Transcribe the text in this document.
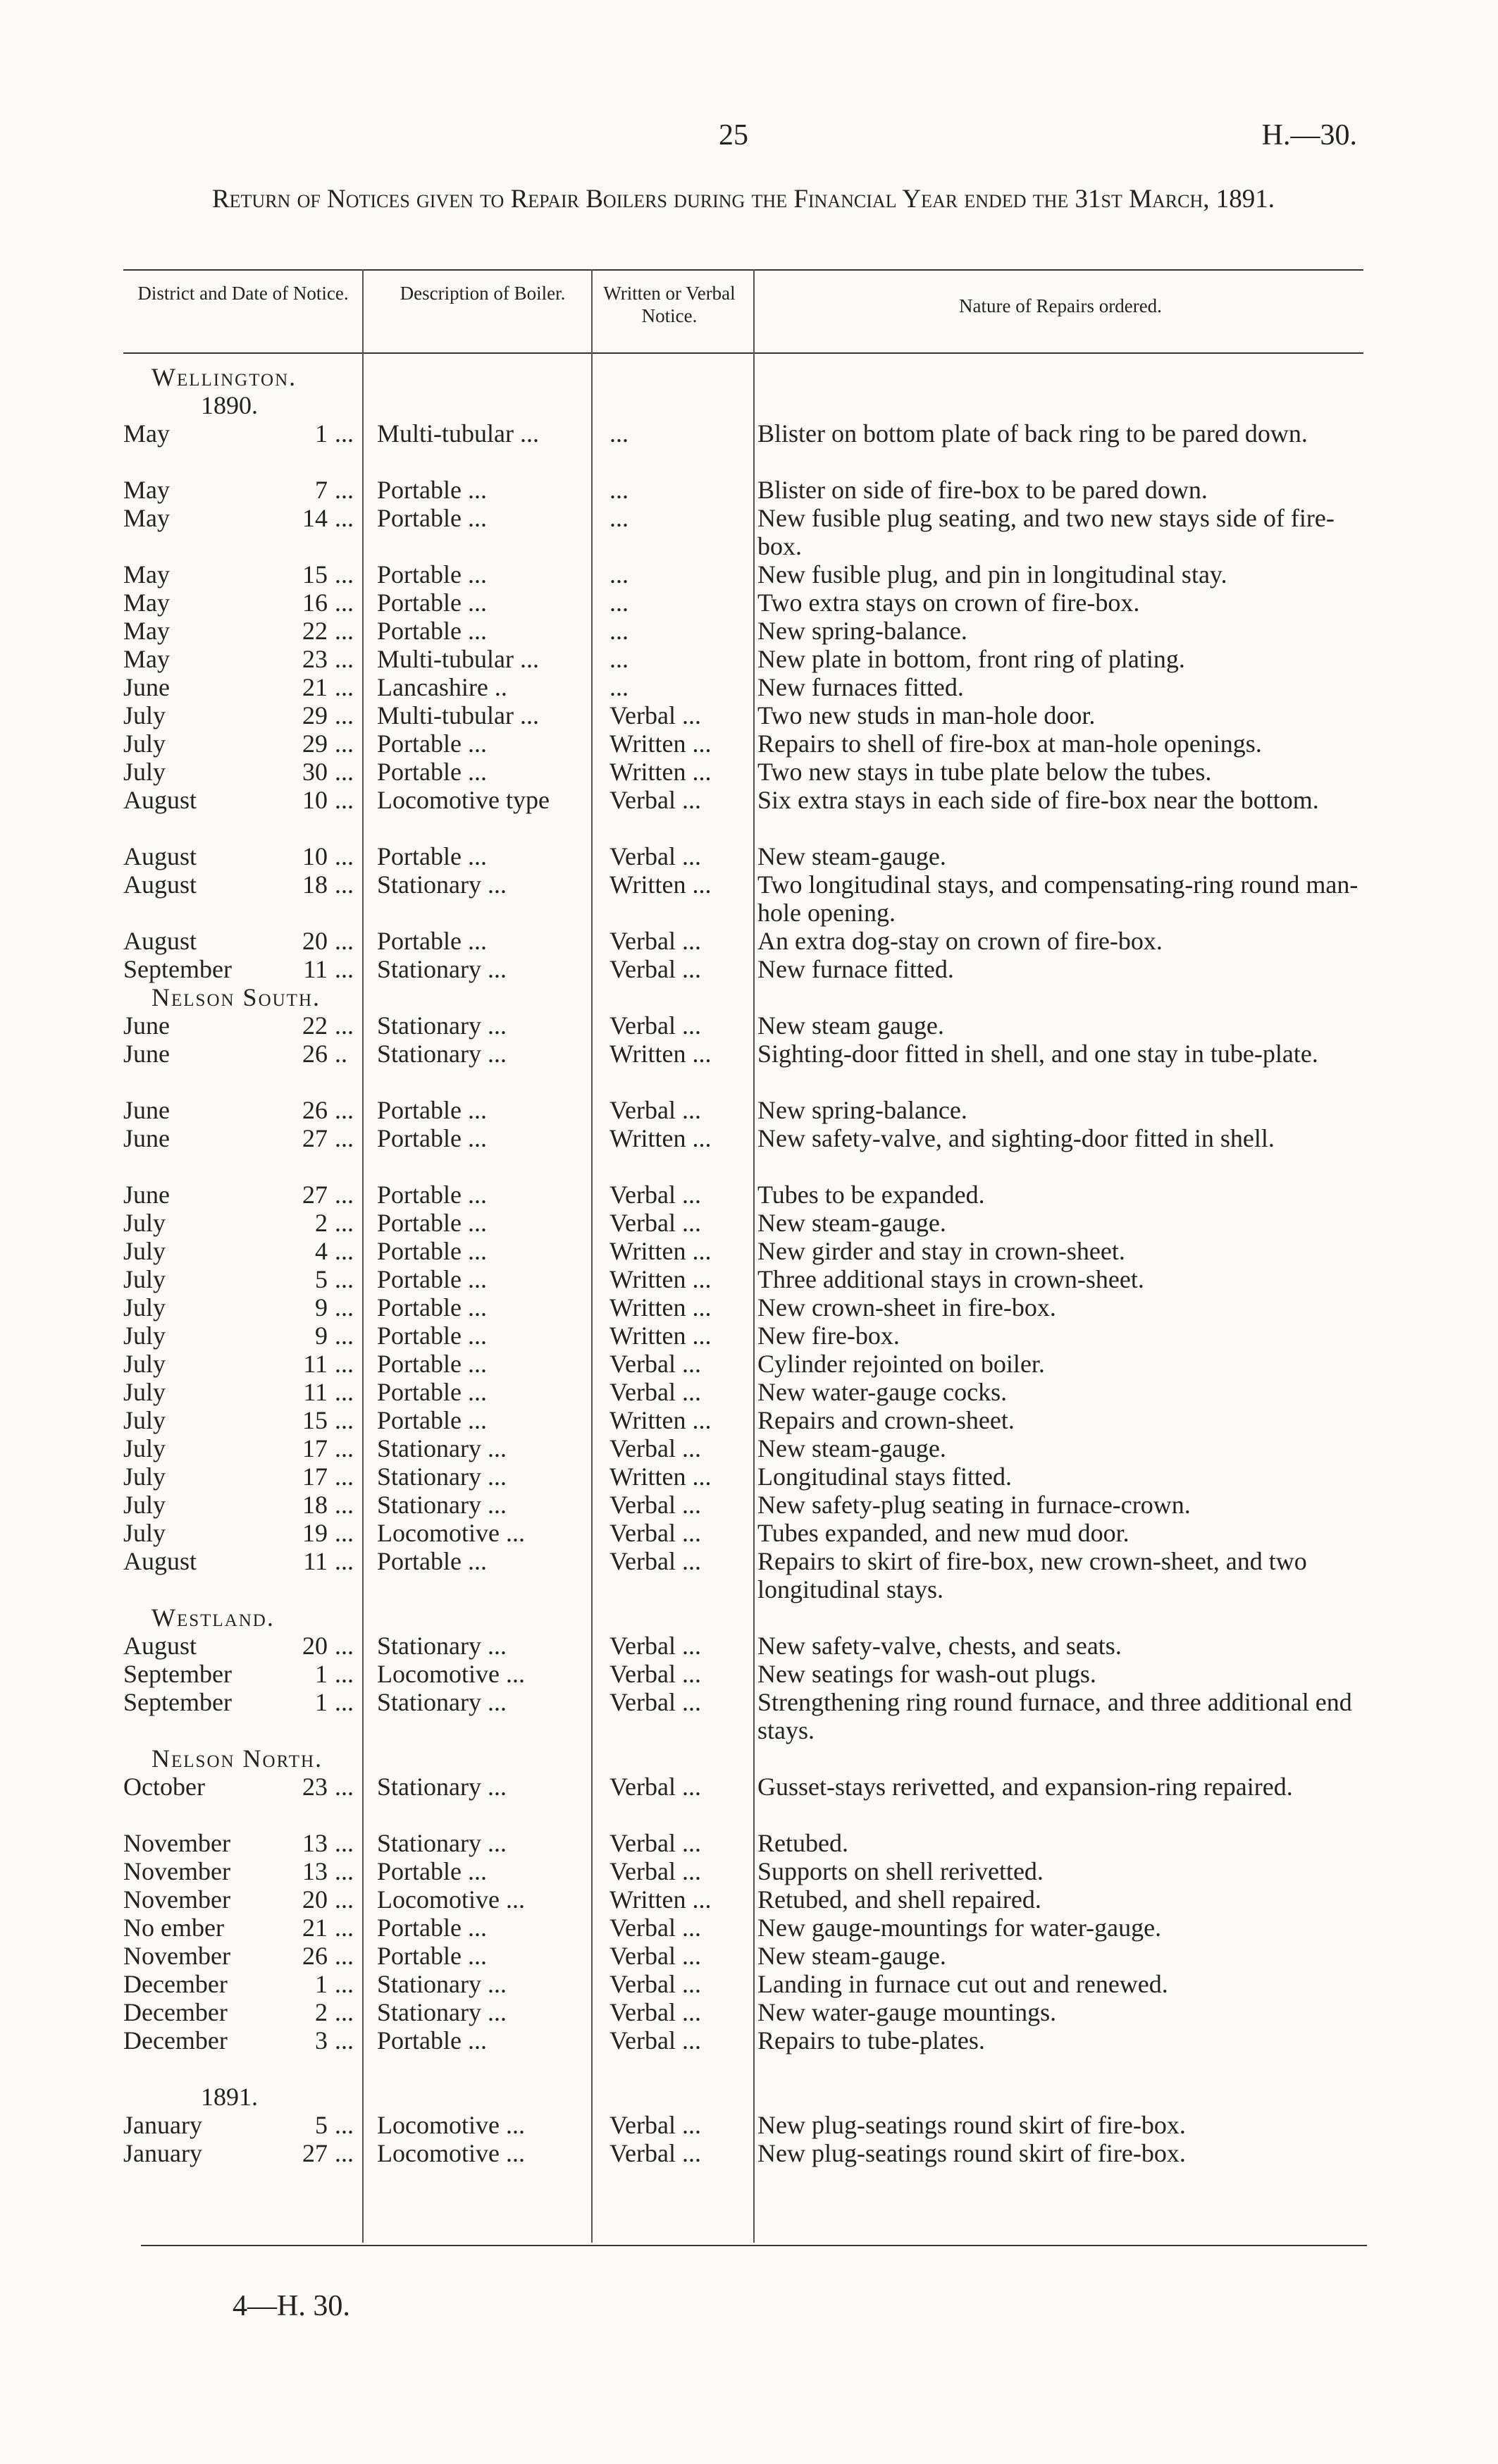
25	H.—30.
Return of Notices given to Repair Boilers during the Financial Year ended the 31st March, 1891.
District and Date of Notice.	Description of Boiler.	Written or Verbal Notice.	Nature of Repairs ordered.
Wellington.
1890.
May	1 ... Multi-tubular ...	...	Blister on bottom plate of back ring to be pared down.
May	7 ... Portable ...	...	Blister on side of fire-box to be pared down.
May	14 ... Portable ...	...	New fusible plug seating, and two new stays side of fire-box.
May	15 ... Portable ...	...	New fusible plug, and pin in longitudinal stay.
May	16 ... Portable ...	...	Two extra stays on crown of fire-box.
May	22 ... Portable ...	...	New spring-balance.
May	23 ... Multi-tubular ...	...	New plate in bottom, front ring of plating.
June	21 ... Lancashire ..	...	New furnaces fitted.
July	29 ... Multi-tubular ...	Verbal ...	Two new studs in man-hole door.
July	29 ... Portable ...	Written ...	Repairs to shell of fire-box at man-hole openings.
July	30 ... Portable ...	Written ...	Two new stays in tube plate below the tubes.
August	10 ... Locomotive type	Verbal ...	Six extra stays in each side of fire-box near the bottom.
August	10 ... Portable ...	Verbal ...	New steam-gauge.
August	18 ... Stationary ...	Written ...	Two longitudinal stays, and compensating-ring round man-hole opening.
August	20 ... Portable ...	Verbal ...	An extra dog-stay on crown of fire-box.
September	11 ... Stationary ...	Verbal ...	New furnace fitted.
Nelson South.
June	22 ... Stationary ...	Verbal ...	New steam gauge.
June	26 .. Stationary ...	Written ...	Sighting-door fitted in shell, and one stay in tube-plate.
June	26 ... Portable ...	Verbal ...	New spring-balance.
June	27 ... Portable ...	Written ...	New safety-valve, and sighting-door fitted in shell.
June	27 ... Portable ...	Verbal ...	Tubes to be expanded.
July	2 ... Portable ...	Verbal ...	New steam-gauge.
July	4 ... Portable ...	Written ...	New girder and stay in crown-sheet.
July	5 ... Portable ...	Written ...	Three additional stays in crown-sheet.
July	9 ... Portable ...	Written ...	New crown-sheet in fire-box.
July	9 ... Portable ...	Written ...	New fire-box.
July	11 ... Portable ...	Verbal ...	Cylinder rejointed on boiler.
July	11 ... Portable ...	Verbal ...	New water-gauge cocks.
July	15 ... Portable ...	Written ...	Repairs and crown-sheet.
July	17 ... Stationary ...	Verbal ...	New steam-gauge.
July	17 ... Stationary ...	Written ...	Longitudinal stays fitted.
July	18 ... Stationary ...	Verbal ...	New safety-plug seating in furnace-crown.
July	19 ... Locomotive ...	Verbal ...	Tubes expanded, and new mud door.
August	11 ... Portable ...	Verbal ...	Repairs to skirt of fire-box, new crown-sheet, and two longitudinal stays.
Westland.
August	20 ... Stationary ...	Verbal ...	New safety-valve, chests, and seats.
September	1 ... Locomotive ...	Verbal ...	New seatings for wash-out plugs.
September	1 ... Stationary ...	Verbal ...	Strengthening ring round furnace, and three additional end stays.
Nelson North.
October	23 ... Stationary ...	Verbal ...	Gusset-stays rerivetted, and expansion-ring repaired.
November	13 ... Stationary ...	Verbal ...	Retubed.
November	13 ... Portable ...	Verbal ...	Supports on shell rerivetted.
November	20 ... Locomotive ...	Written ...	Retubed, and shell repaired.
No ember	21 ... Portable ...	Verbal ...	New gauge-mountings for water-gauge.
November	26 ... Portable ...	Verbal ...	New steam-gauge.
December	1 ... Stationary ...	Verbal ...	Landing in furnace cut out and renewed.
December	2 ... Stationary ...	Verbal ...	New water-gauge mountings.
December	3 ... Portable ...	Verbal ...	Repairs to tube-plates.
1891.
January	5 ... Locomotive ...	Verbal ...	New plug-seatings round skirt of fire-box.
January	27 ... Locomotive ...	Verbal ...	New plug-seatings round skirt of fire-box.
4—H. 30.
